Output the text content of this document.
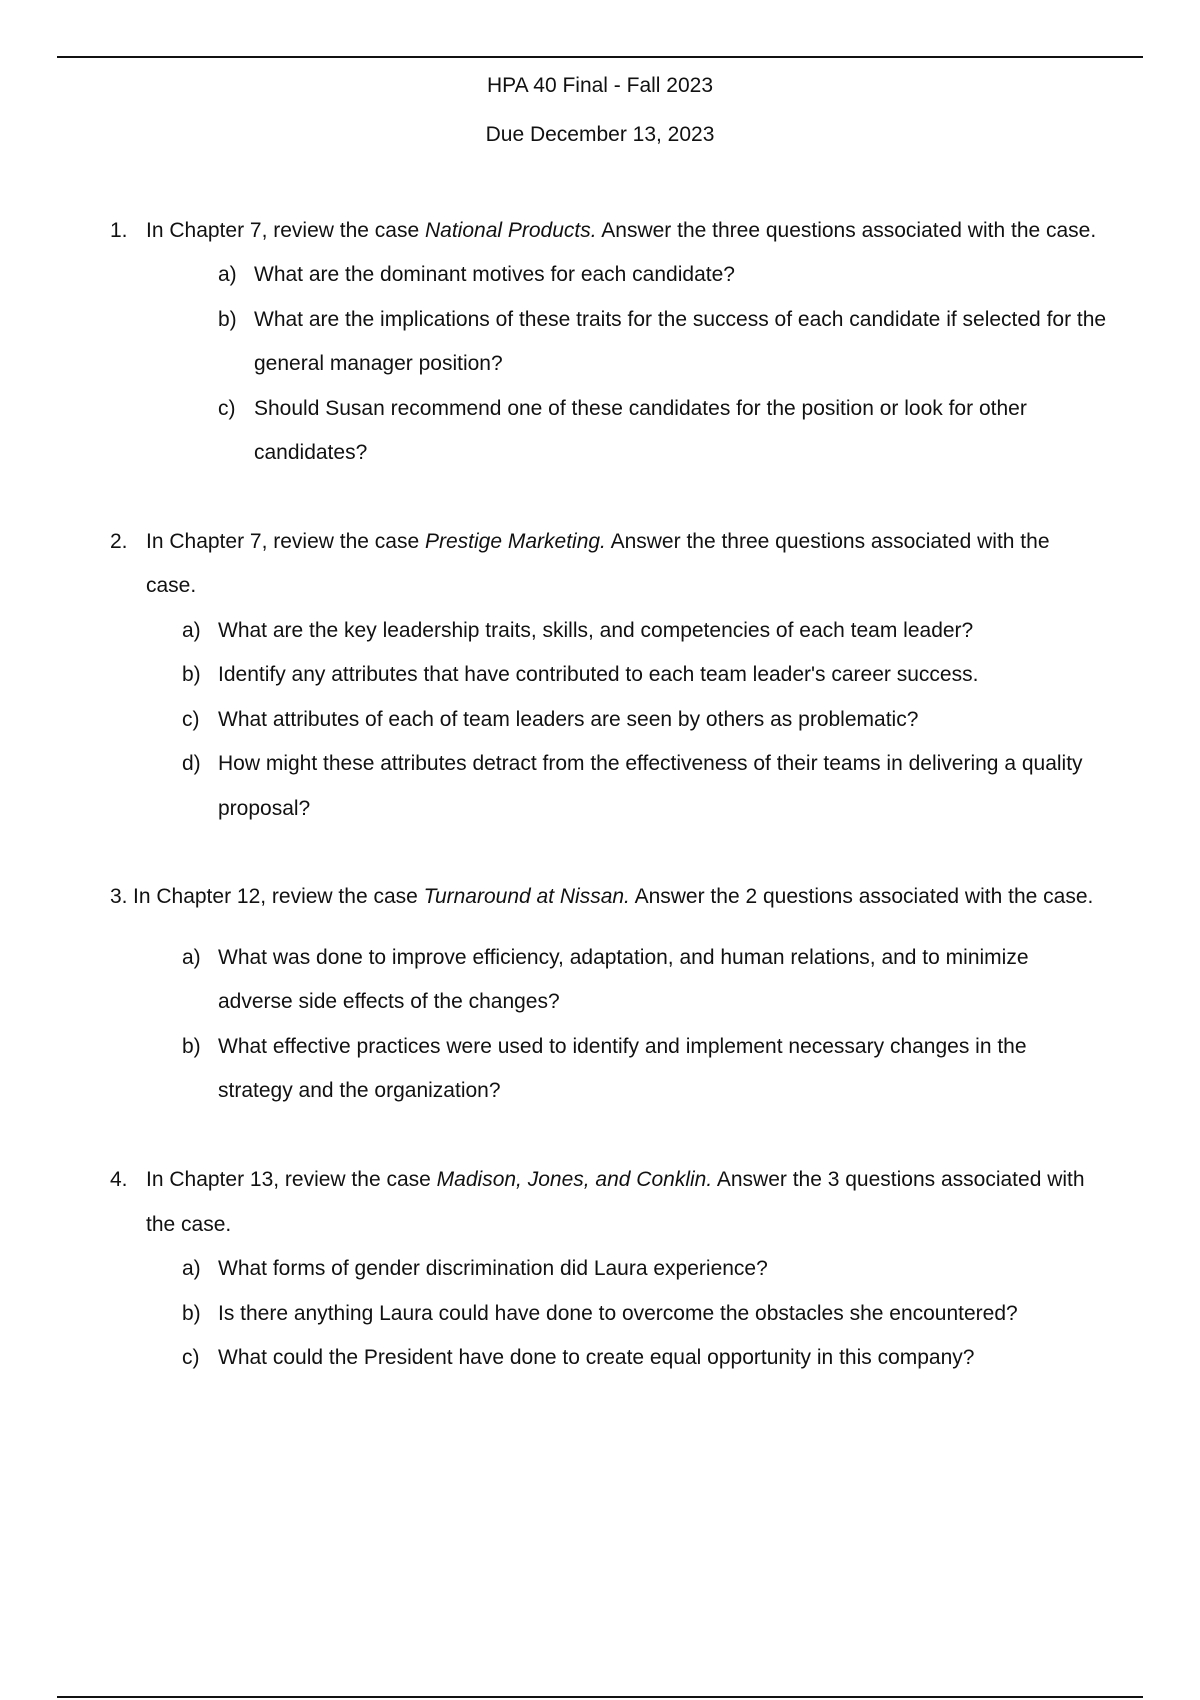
HPA 40 Final - Fall 2023
Due December 13, 2023
1. In Chapter 7, review the case National Products. Answer the three questions associated with the case.
a) What are the dominant motives for each candidate?
b) What are the implications of these traits for the success of each candidate if selected for the
general manager position?
c) Should Susan recommend one of these candidates for the position or look for other
candidates?
2. In Chapter 7, review the case Prestige Marketing. Answer the three questions associated with the
case.
a) What are the key leadership traits, skills, and competencies of each team leader?
b) Identify any attributes that have contributed to each team leader's career success.
c) What attributes of each of team leaders are seen by others as problematic?
d) How might these attributes detract from the effectiveness of their teams in delivering a quality
proposal?
3. In Chapter 12, review the case Turnaround at Nissan. Answer the 2 questions associated with the case.
a) What was done to improve efficiency, adaptation, and human relations, and to minimize
adverse side effects of the changes?
b) What effective practices were used to identify and implement necessary changes in the
strategy and the organization?
4. In Chapter 13, review the case Madison, Jones, and Conklin. Answer the 3 questions associated with
the case.
a) What forms of gender discrimination did Laura experience?
b) Is there anything Laura could have done to overcome the obstacles she encountered?
c) What could the President have done to create equal opportunity in this company?
